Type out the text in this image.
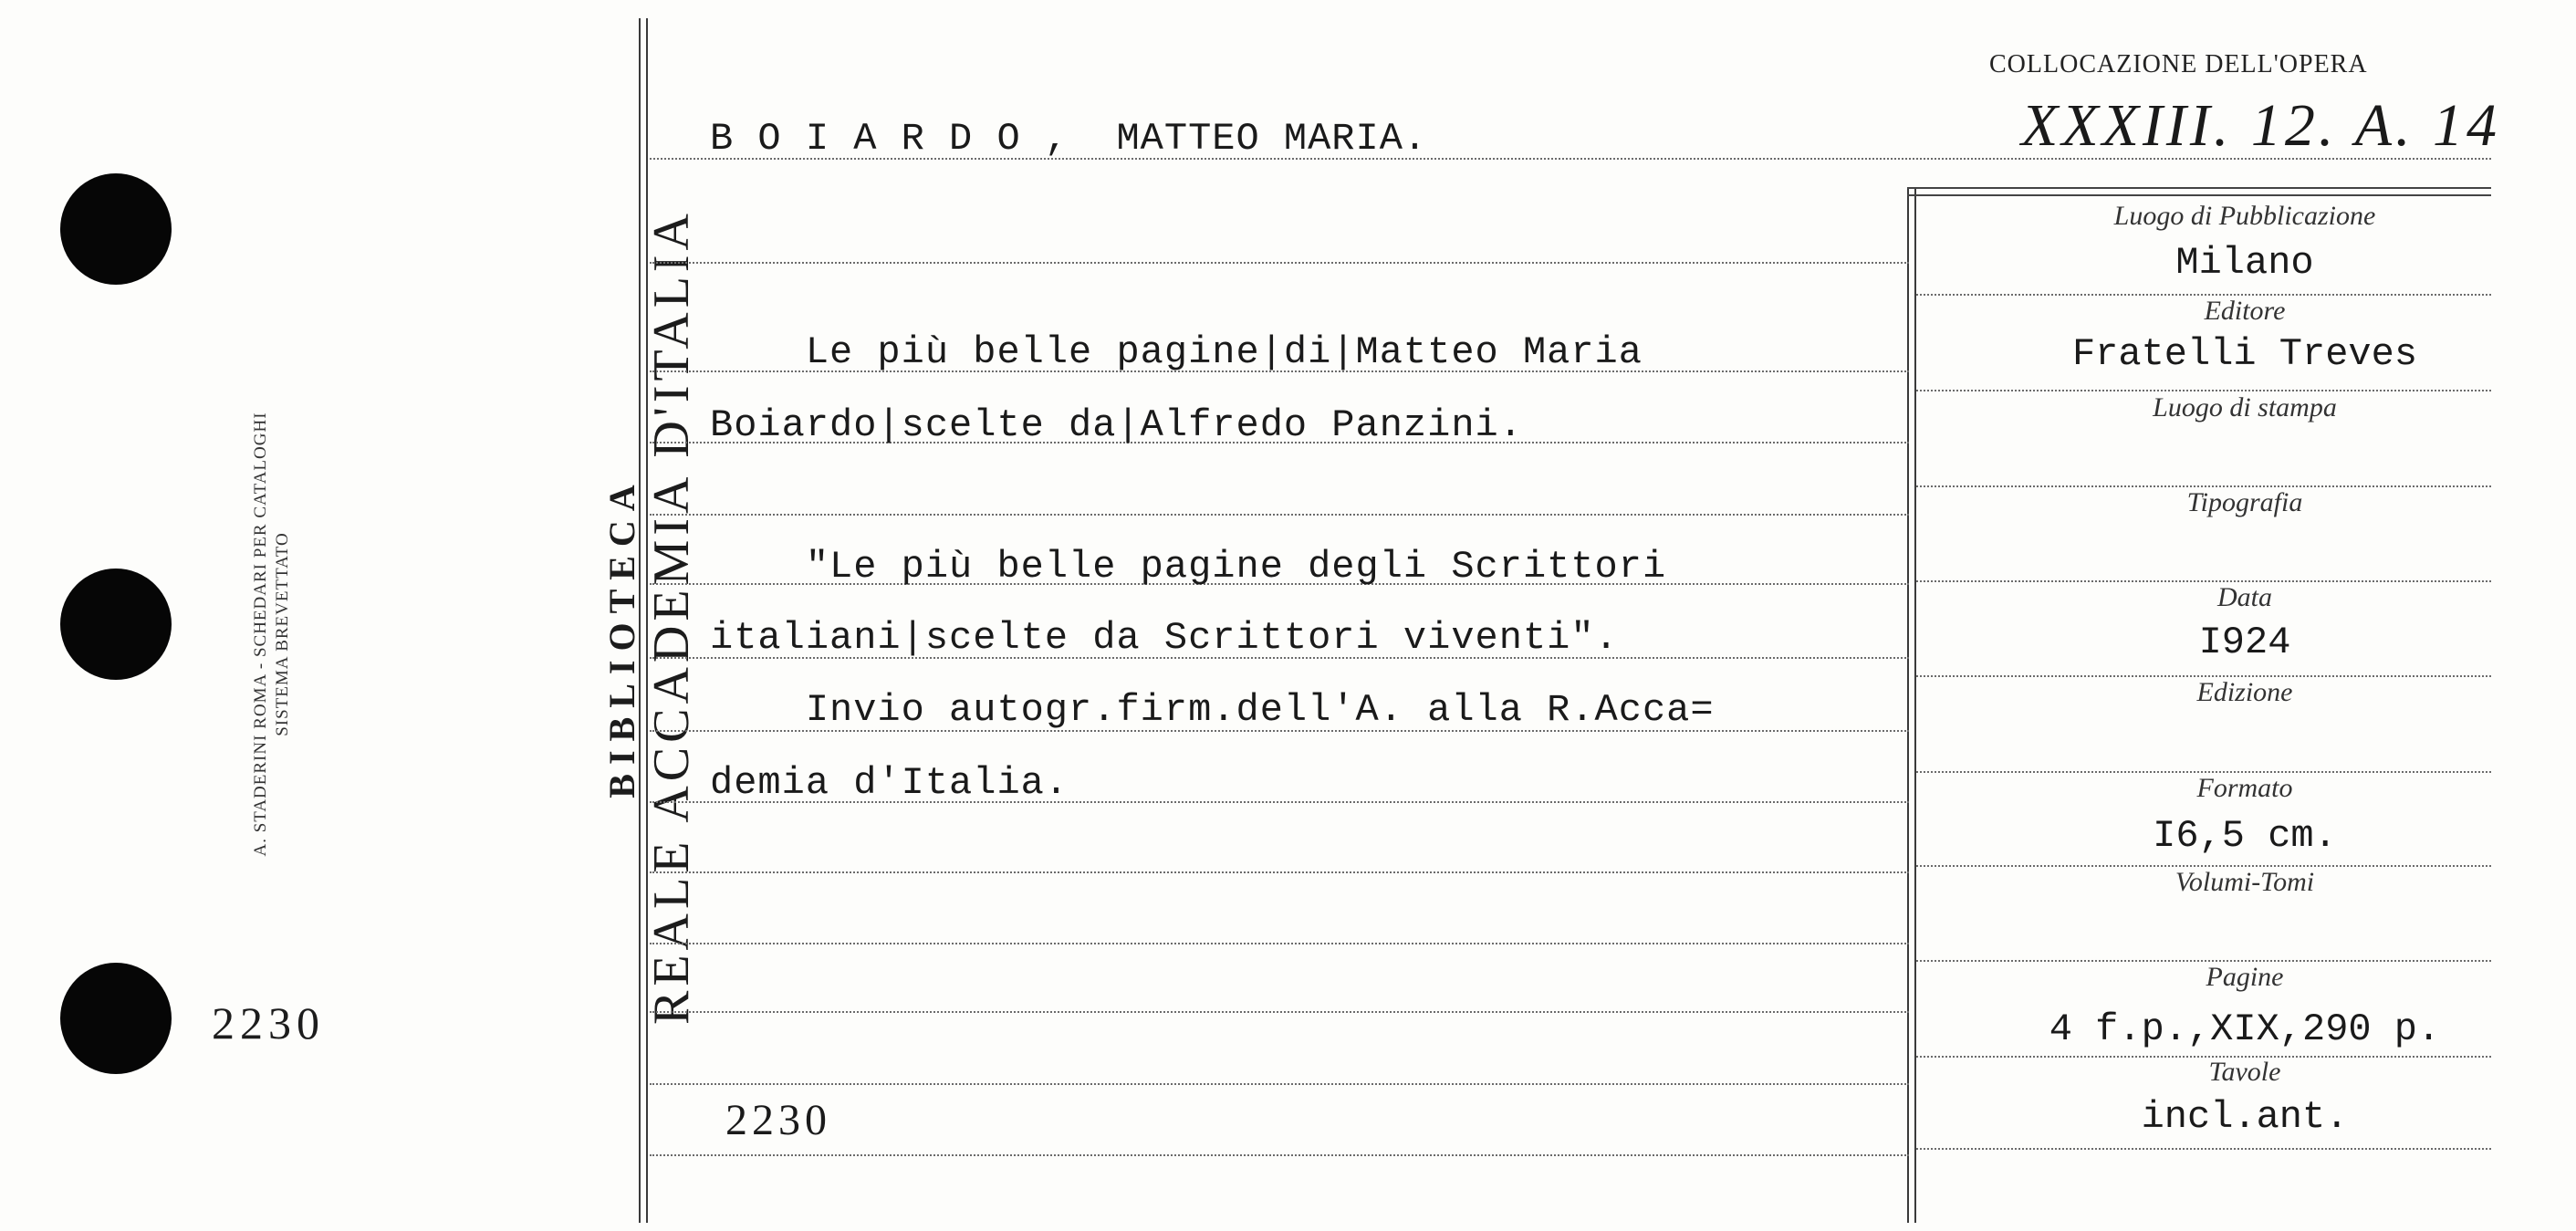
A. STADERINI ROMA - SCHEDARI PER CATALOGHI SISTEMA BREVETTATO	REALE ACCADEMIA D'ITALIA
BIBLIOTECA
2230
B O I A R D O ,  MATTEO MARIA.
Le più belle pagine|di|Matteo Maria
Boiardo|scelte da|Alfredo Panzini.
"Le più belle pagine degli Scrittori
italiani|scelte da Scrittori viventi".
Invio autogr.firm.dell'A. alla R.Acca=
demia d'Italia.
2230
COLLOCAZIONE DELL'OPERA
XXXIII. 12. A. 14
Luogo di Pubblicazione
Milano
Editore
Fratelli Treves
Luogo di stampa
Tipografia
Data
I924
Edizione
Formato
I6,5 cm.
Volumi-Tomi
Pagine
4 f.p.,XIX,290 p.
Tavole
incl.ant.
